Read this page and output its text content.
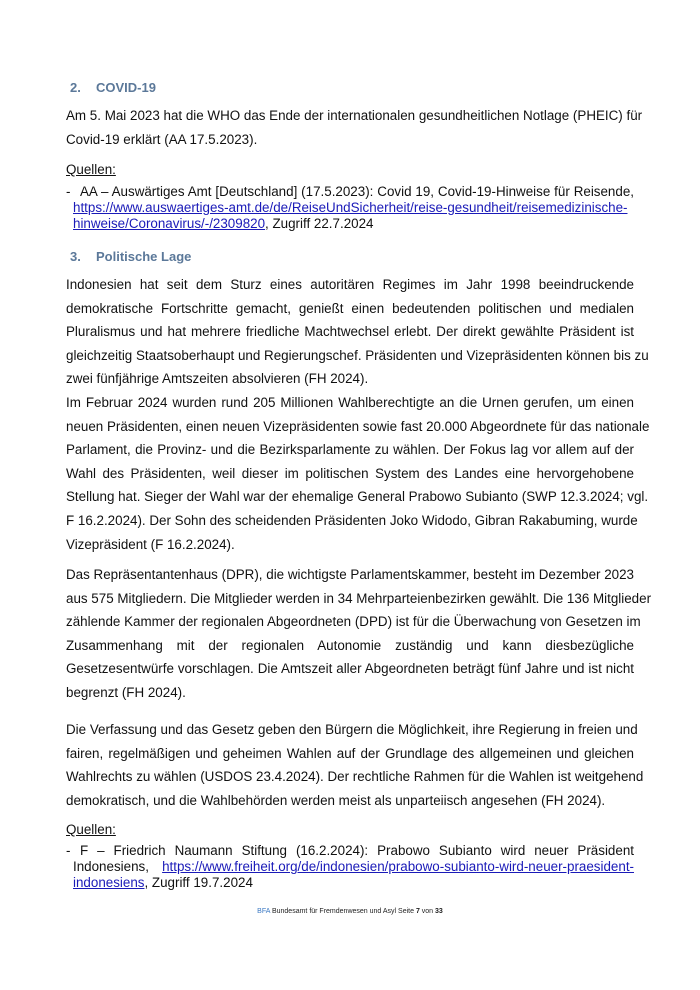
2. COVID-19
Am 5. Mai 2023 hat die WHO das Ende der internationalen gesundheitlichen Notlage (PHEIC) für
Covid-19 erklärt (AA 17.5.2023).
Quellen:
- AA – Auswärtiges Amt [Deutschland] (17.5.2023): Covid 19, Covid-19-Hinweise für Reisende,
https://www.auswaertiges-amt.de/de/ReiseUndSicherheit/reise-gesundheit/reisemedizinische-
hinweise/Coronavirus/-/2309820, Zugriff 22.7.2024
3. Politische Lage
Indonesien hat seit dem Sturz eines autoritären Regimes im Jahr 1998 beeindruckende
demokratische Fortschritte gemacht, genießt einen bedeutenden politischen und medialen
Pluralismus und hat mehrere friedliche Machtwechsel erlebt. Der direkt gewählte Präsident ist
gleichzeitig Staatsoberhaupt und Regierungschef. Präsidenten und Vizepräsidenten können bis zu
zwei fünfjährige Amtszeiten absolvieren (FH 2024).
Im Februar 2024 wurden rund 205 Millionen Wahlberechtigte an die Urnen gerufen, um einen
neuen Präsidenten, einen neuen Vizepräsidenten sowie fast 20.000 Abgeordnete für das nationale
Parlament, die Provinz- und die Bezirksparlamente zu wählen. Der Fokus lag vor allem auf der
Wahl des Präsidenten, weil dieser im politischen System des Landes eine hervorgehobene
Stellung hat. Sieger der Wahl war der ehemalige General Prabowo Subianto (SWP 12.3.2024; vgl.
F 16.2.2024). Der Sohn des scheidenden Präsidenten Joko Widodo, Gibran Rakabuming, wurde
Vizepräsident (F 16.2.2024).
Das Repräsentantenhaus (DPR), die wichtigste Parlamentskammer, besteht im Dezember 2023
aus 575 Mitgliedern. Die Mitglieder werden in 34 Mehrparteienbezirken gewählt. Die 136 Mitglieder
zählende Kammer der regionalen Abgeordneten (DPD) ist für die Überwachung von Gesetzen im
Zusammenhang mit der regionalen Autonomie zuständig und kann diesbezügliche
Gesetzesentwürfe vorschlagen. Die Amtszeit aller Abgeordneten beträgt fünf Jahre und ist nicht
begrenzt (FH 2024).
Die Verfassung und das Gesetz geben den Bürgern die Möglichkeit, ihre Regierung in freien und
fairen, regelmäßigen und geheimen Wahlen auf der Grundlage des allgemeinen und gleichen
Wahlrechts zu wählen (USDOS 23.4.2024). Der rechtliche Rahmen für die Wahlen ist weitgehend
demokratisch, und die Wahlbehörden werden meist als unparteiisch angesehen (FH 2024).
Quellen:
- F – Friedrich Naumann Stiftung (16.2.2024): Prabowo Subianto wird neuer Präsident
Indonesiens, https://www.freiheit.org/de/indonesien/prabowo-subianto-wird-neuer-praesident-
indonesiens, Zugriff 19.7.2024
BFA Bundesamt für Fremdenwesen und Asyl Seite 7 von 33
